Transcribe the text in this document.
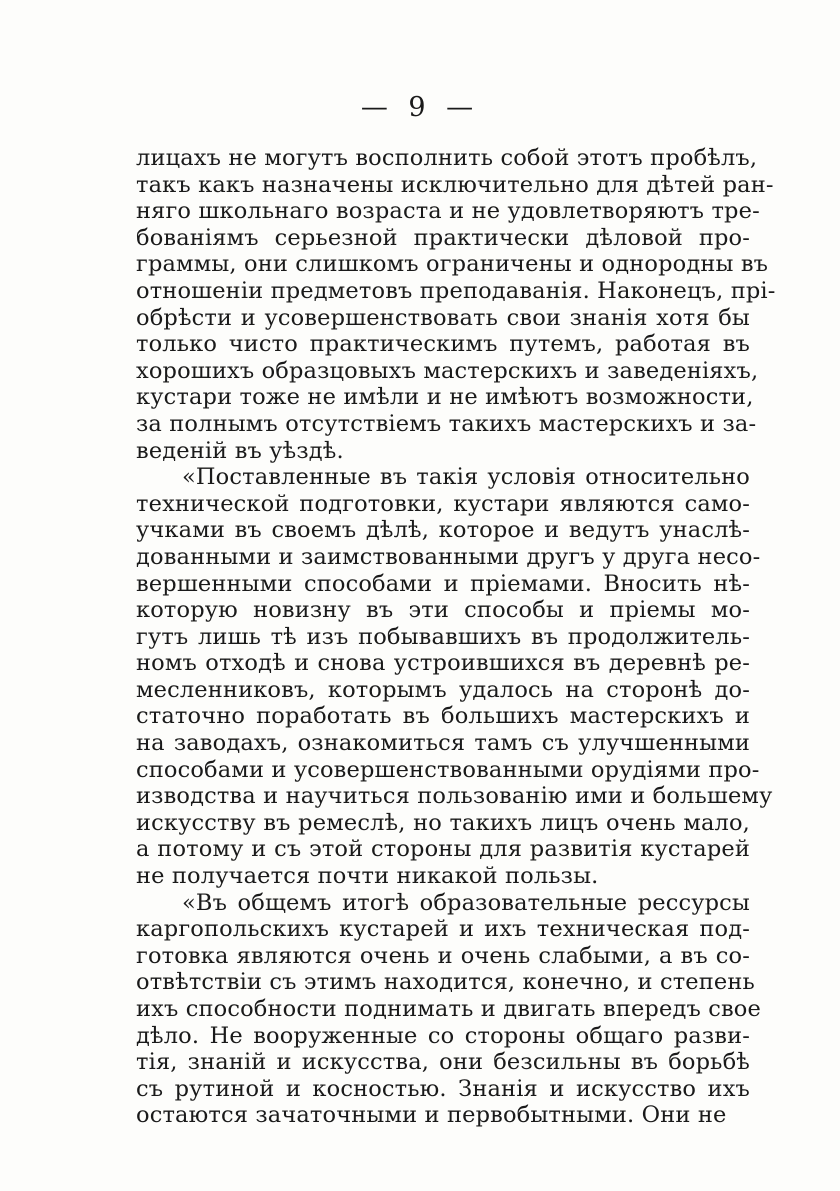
— 9 —
лицахъ не могутъ восполнить собой этотъ пробѣлъ,
такъ какъ назначены исключительно для дѣтей ран-
няго школьнаго возраста и не удовлетворяютъ тре-
бованіямъ серьезной практически дѣловой про-
граммы, они слишкомъ ограничены и однородны въ
отношеніи предметовъ преподаванія. Наконецъ, прі-
обрѣсти и усовершенствовать свои знанія хотя бы
только чисто практическимъ путемъ, работая въ
хорошихъ образцовыхъ мастерскихъ и заведеніяхъ,
кустари тоже не имѣли и не имѣютъ возможности,
за полнымъ отсутствіемъ такихъ мастерскихъ и за-
веденій въ уѣздѣ.
«Поставленные въ такія условія относительно
технической подготовки, кустари являются само-
учками въ своемъ дѣлѣ, которое и ведутъ унаслѣ-
дованными и заимствованными другъ у друга несо-
вершенными способами и пріемами. Вносить нѣ-
которую новизну въ эти способы и пріемы мо-
гутъ лишь тѣ изъ побывавшихъ въ продолжитель-
номъ отходѣ и снова устроившихся въ деревнѣ ре-
месленниковъ, которымъ удалось на сторонѣ до-
статочно поработать въ большихъ мастерскихъ и
на заводахъ, ознакомиться тамъ съ улучшенными
способами и усовершенствованными орудіями про-
изводства и научиться пользованію ими и большему
искусству въ ремеслѣ, но такихъ лицъ очень мало,
а потому и съ этой стороны для развитія кустарей
не получается почти никакой пользы.
«Въ общемъ итогѣ образовательные рессурсы
каргопольскихъ кустарей и ихъ техническая под-
готовка являются очень и очень слабыми, а въ со-
отвѣтствіи съ этимъ находится, конечно, и степень
ихъ способности поднимать и двигать впередъ свое
дѣло. Не вооруженные со стороны общаго разви-
тія, знаній и искусства, они безсильны въ борьбѣ
съ рутиной и косностью. Знанія и искусство ихъ
остаются зачаточными и первобытными. Они не
